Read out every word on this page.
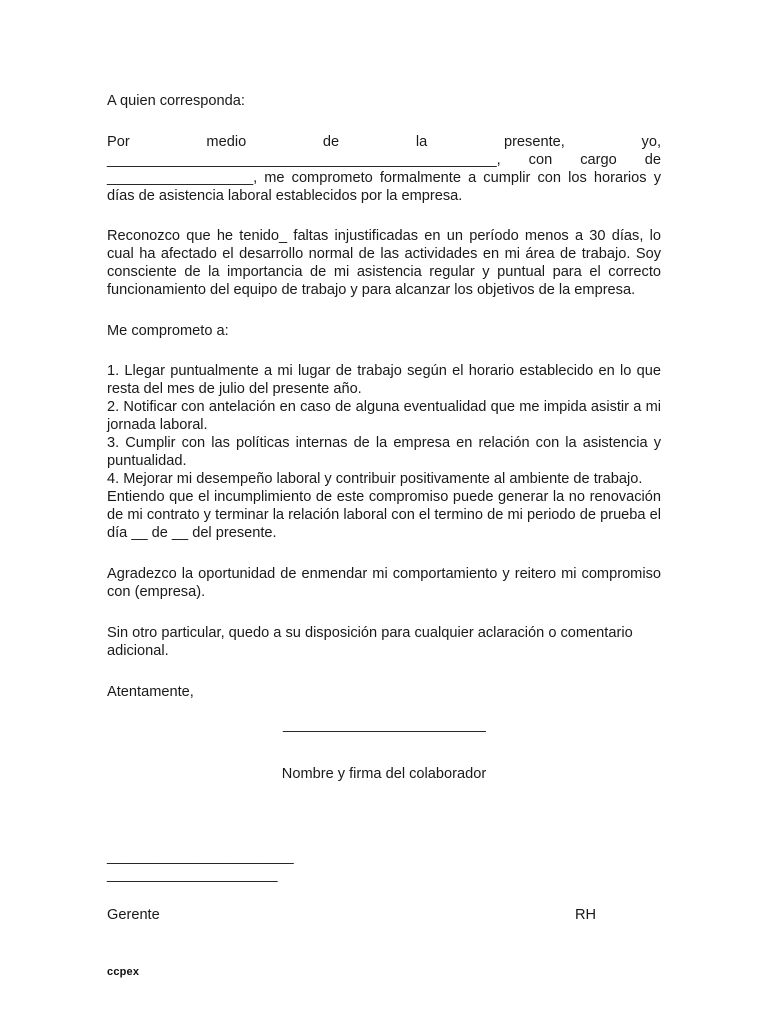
A quien corresponda:

Por medio de la presente, yo, ________________________________________________, con cargo de __________________, me comprometo formalmente a cumplir con los horarios y días de asistencia laboral establecidos por la empresa.

Reconozco que he tenido_ faltas injustificadas en un período menos a 30 días, lo cual ha afectado el desarrollo normal de las actividades en mi área de trabajo. Soy consciente de la importancia de mi asistencia regular y puntual para el correcto funcionamiento del equipo de trabajo y para alcanzar los objetivos de la empresa.

Me comprometo a:

1. Llegar puntualmente a mi lugar de trabajo según el horario establecido en lo que resta del mes de julio del presente año.

2. Notificar con antelación en caso de alguna eventualidad que me impida asistir a mi jornada laboral.

3. Cumplir con las políticas internas de la empresa en relación con la asistencia y puntualidad.

4. Mejorar mi desempeño laboral y contribuir positivamente al ambiente de trabajo.

Entiendo que el incumplimiento de este compromiso puede generar la no renovación de mi contrato y terminar la relación laboral con el termino de mi periodo de prueba el día __ de __ del presente.

Agradezco la oportunidad de enmendar mi comportamiento y reitero mi compromiso con (empresa).

Sin otro particular, quedo a su disposición para cualquier aclaración o comentario adicional.

Atentamente,

_________________________
Nombre y firma del colaborador
_______________________
_____________________
Gerente	RH
ccpex
